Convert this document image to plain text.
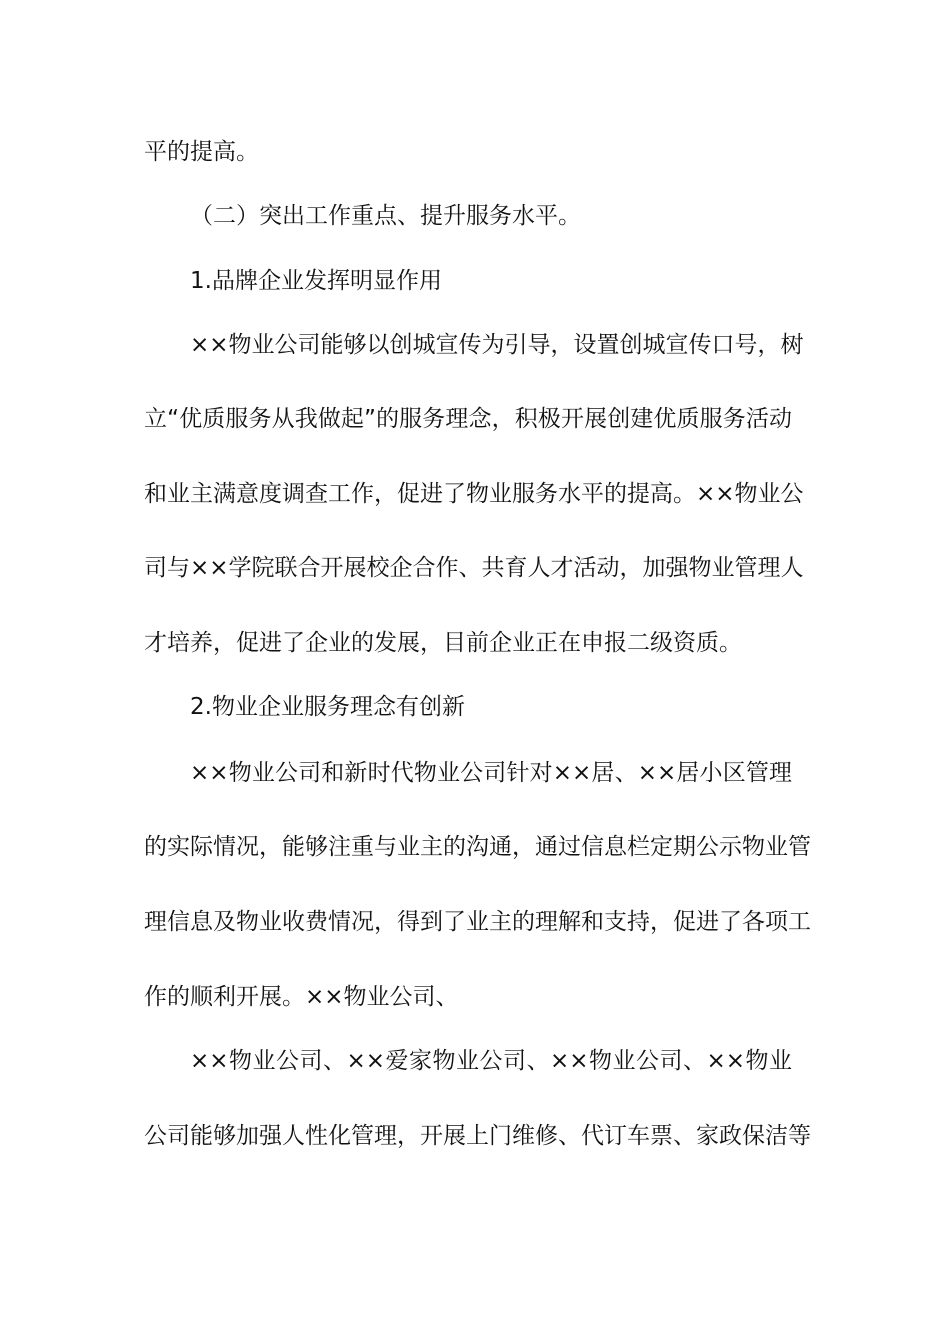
平的提高。
（二）突出工作重点、提升服务水平。
1.品牌企业发挥明显作用
××物业公司能够以创城宣传为引导，设置创城宣传口号，树
立“优质服务从我做起”的服务理念，积极开展创建优质服务活动
和业主满意度调查工作，促进了物业服务水平的提高。××物业公
司与××学院联合开展校企合作、共育人才活动，加强物业管理人
才培养，促进了企业的发展，目前企业正在申报二级资质。
2.物业企业服务理念有创新
××物业公司和新时代物业公司针对××居、××居小区管理
的实际情况，能够注重与业主的沟通，通过信息栏定期公示物业管
理信息及物业收费情况，得到了业主的理解和支持，促进了各项工
作的顺利开展。××物业公司、
××物业公司、××爱家物业公司、××物业公司、××物业
公司能够加强人性化管理，开展上门维修、代订车票、家政保洁等
